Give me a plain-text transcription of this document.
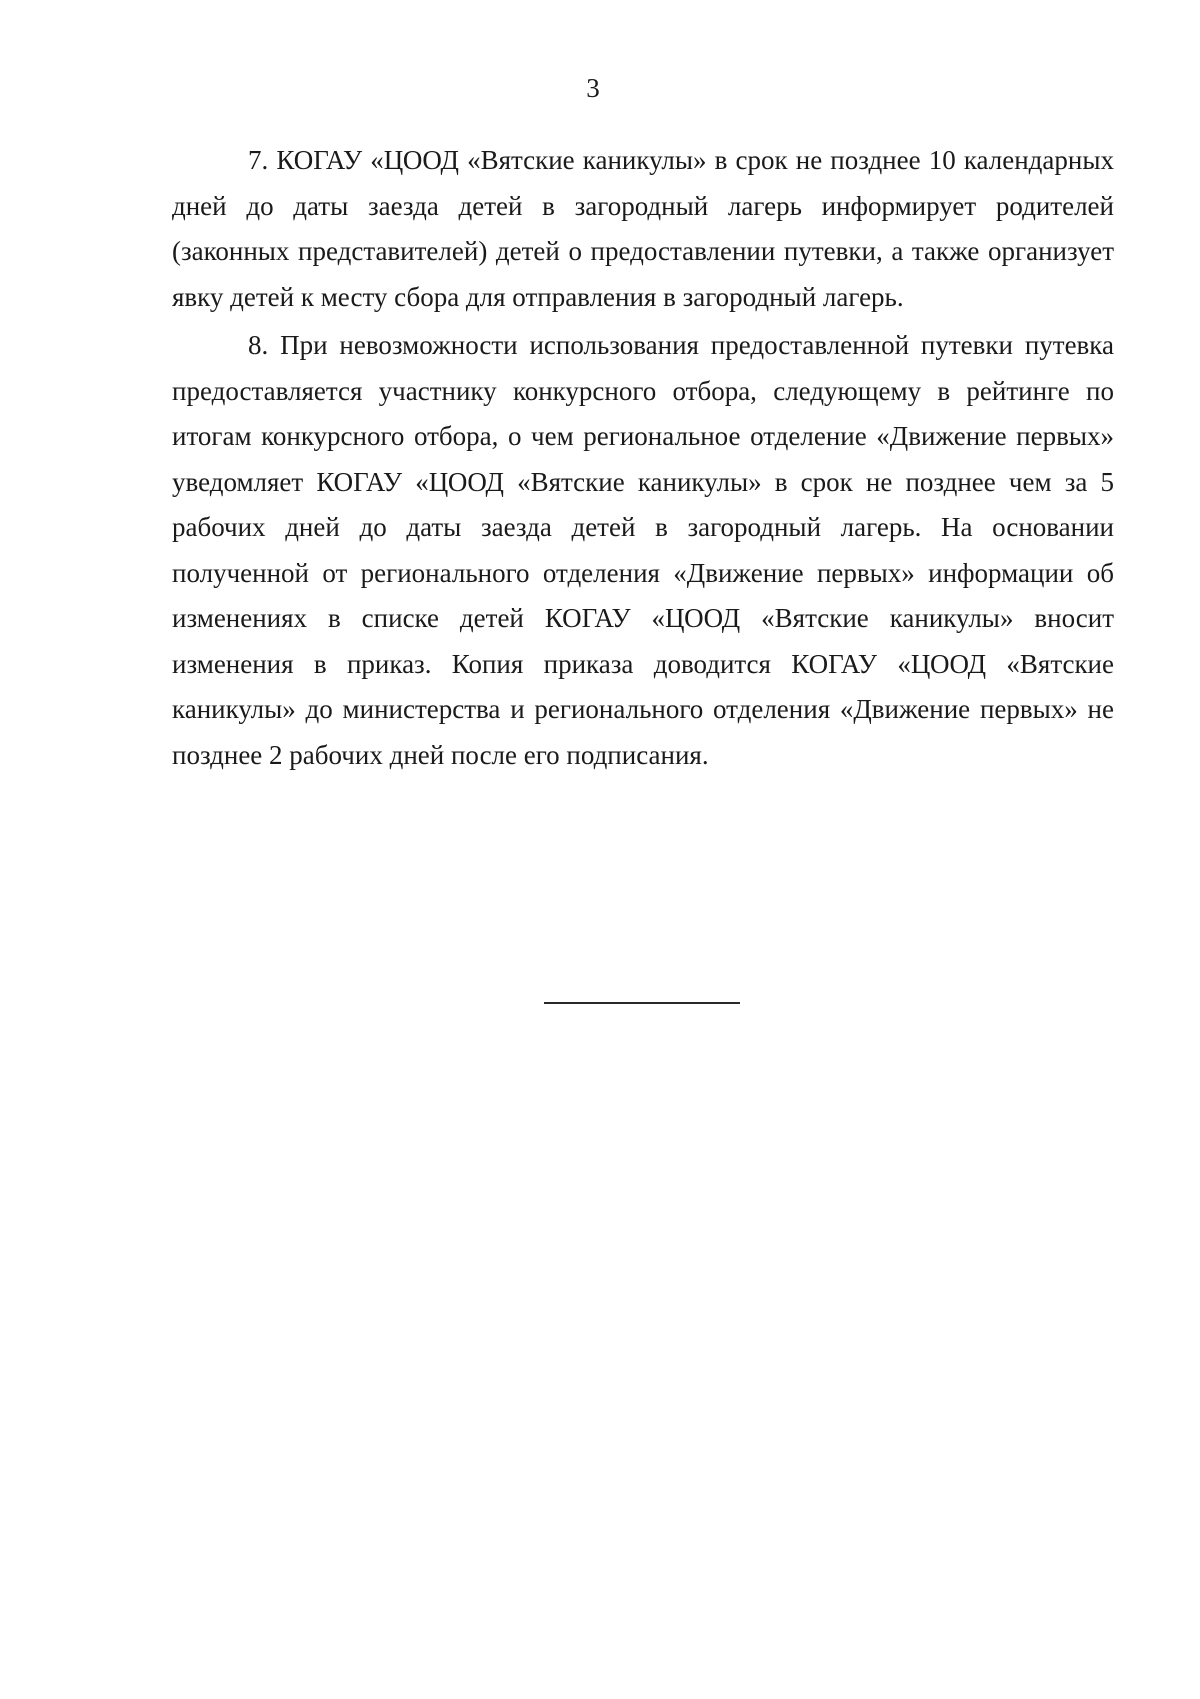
3

7. КОГАУ «ЦООД «Вятские каникулы» в срок не позднее 10 календарных дней до даты заезда детей в загородный лагерь информирует родителей (законных представителей) детей о предоставлении путевки, а также организует явку детей к месту сбора для отправления в загородный лагерь.

8. При невозможности использования предоставленной путевки путевка предоставляется участнику конкурсного отбора, следующему в рейтинге по итогам конкурсного отбора, о чем региональное отделение «Движение первых» уведомляет КОГАУ «ЦООД «Вятские каникулы» в срок не позднее чем за 5 рабочих дней до даты заезда детей в загородный лагерь. На основании полученной от регионального отделения «Движение первых» информации об изменениях в списке детей КОГАУ «ЦООД «Вятские каникулы» вносит изменения в приказ. Копия приказа доводится КОГАУ «ЦООД «Вятские каникулы» до министерства и регионального отделения «Движение первых» не позднее 2 рабочих дней после его подписания.
